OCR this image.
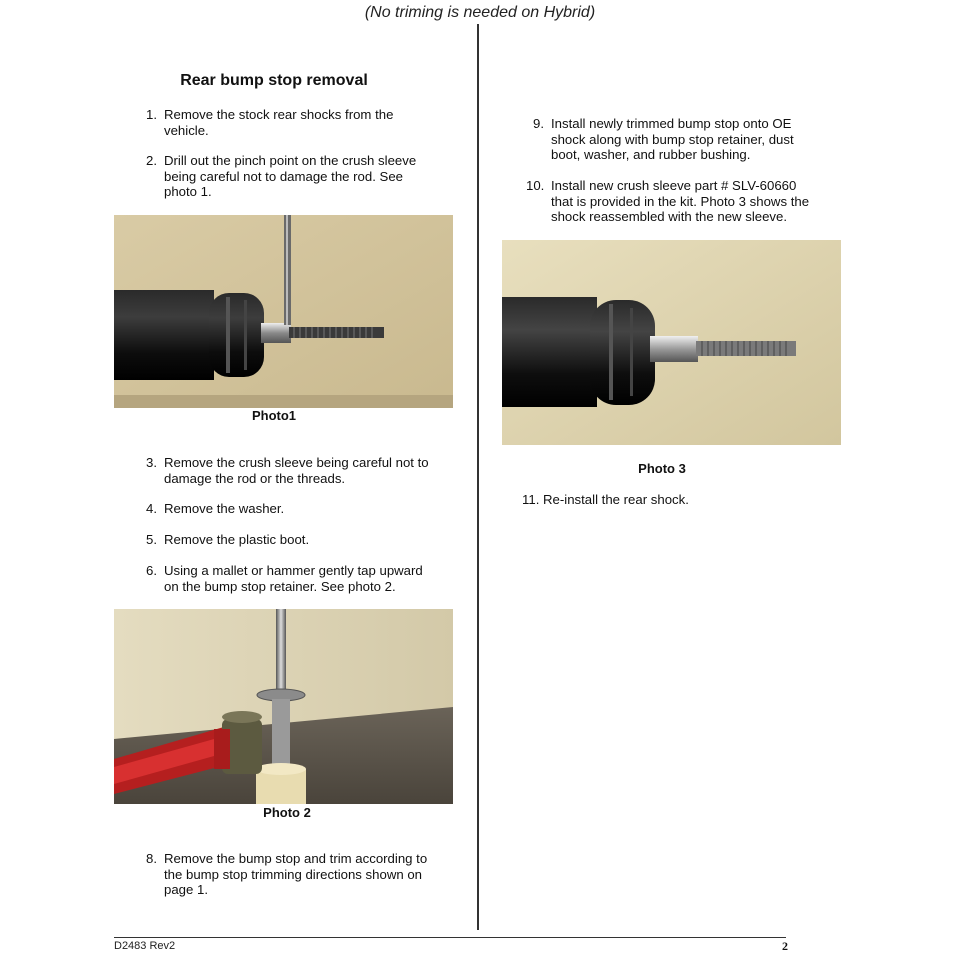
(No triming is needed on Hybrid)
Rear bump stop removal
1. Remove the stock rear shocks from the
vehicle.
2. Drill out the pinch point on the crush sleeve
being careful not to damage the rod. See
photo 1.
Photo1
3. Remove the crush sleeve being careful not to
damage the rod or the threads.
4. Remove the washer.
5. Remove the plastic boot.
6. Using a mallet or hammer gently tap upward
on the bump stop retainer. See photo 2.
Photo 2
8. Remove the bump stop and trim according to
the bump stop trimming directions shown on
page 1.
9. Install newly trimmed bump stop onto OE
shock along with bump stop retainer, dust
boot, washer, and rubber bushing.
10. Install new crush sleeve part # SLV-60660
that is provided in the kit. Photo 3 shows the
shock reassembled with the new sleeve.
Photo 3
11. Re-install the rear shock.
D2483 Rev2	2
